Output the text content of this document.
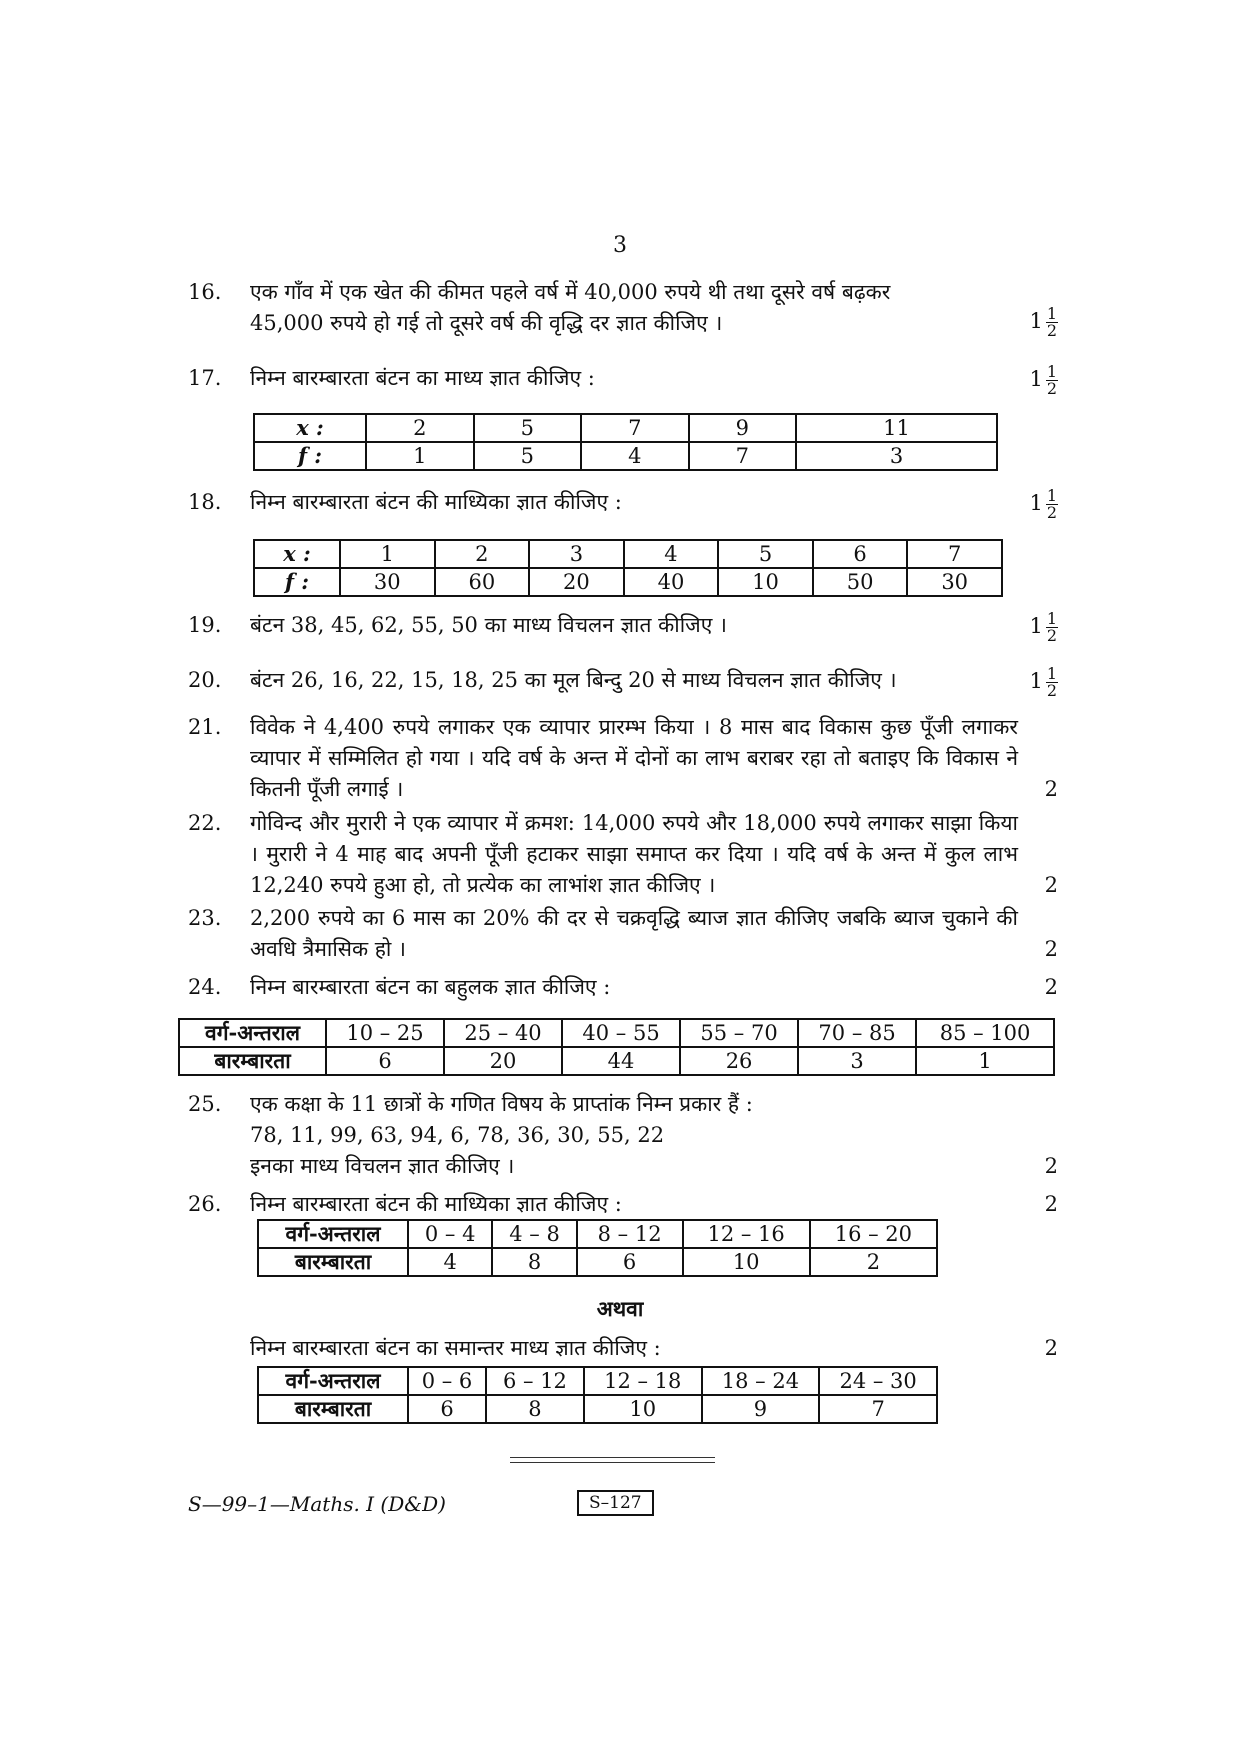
3
16.	एक गाँव में एक खेत की कीमत पहले वर्ष में 40,000 रुपये थी तथा दूसरे वर्ष बढ़कर
45,000 रुपये हो गई तो दूसरे वर्ष की वृद्धि दर ज्ञात कीजिए ।	$1 \frac{1}{2}$
17.	निम्न बारम्बारता बंटन का माध्य ज्ञात कीजिए :	$1 \frac{1}{2}$
x :	2	5	7	9	11
f :	1	5	4	7	3
18.	निम्न बारम्बारता बंटन की माध्यिका ज्ञात कीजिए :	$1 \frac{1}{2}$
x :	1	2	3	4	5	6	7
f :	30	60	20	40	10	50	30
19.	बंटन 38, 45, 62, 55, 50 का माध्य विचलन ज्ञात कीजिए ।	$1 \frac{1}{2}$
20.	बंटन 26, 16, 22, 15, 18, 25 का मूल बिन्दु 20 से माध्य विचलन ज्ञात कीजिए ।	$1 \frac{1}{2}$
21.	विवेक ने 4,400 रुपये लगाकर एक व्यापार प्रारम्भ किया । 8 मास बाद विकास कुछ पूँजी लगाकर व्यापार में सम्मिलित हो गया । यदि वर्ष के अन्त में दोनों का लाभ बराबर रहा तो बताइए कि विकास ने कितनी पूँजी लगाई ।	2
22.	गोविन्द और मुरारी ने एक व्यापार में क्रमश: 14,000 रुपये और 18,000 रुपये लगाकर साझा किया । मुरारी ने 4 माह बाद अपनी पूँजी हटाकर साझा समाप्त कर दिया । यदि वर्ष के अन्त में कुल लाभ 12,240 रुपये हुआ हो, तो प्रत्येक का लाभांश ज्ञात कीजिए ।	2
23.	2,200 रुपये का 6 मास का 20% की दर से चक्रवृद्धि ब्याज ज्ञात कीजिए जबकि ब्याज चुकाने की अवधि त्रैमासिक हो ।	2
24.	निम्न बारम्बारता बंटन का बहुलक ज्ञात कीजिए :	2
वर्ग-अन्तराल	10 – 25	25 – 40	40 – 55	55 – 70	70 – 85	85 – 100
बारम्बारता	6	20	44	26	3	1
25.	एक कक्षा के 11 छात्रों के गणित विषय के प्राप्तांक निम्न प्रकार हैं :
78, 11, 99, 63, 94, 6, 78, 36, 30, 55, 22
इनका माध्य विचलन ज्ञात कीजिए ।	2
26.	निम्न बारम्बारता बंटन की माध्यिका ज्ञात कीजिए :	2
वर्ग-अन्तराल	0 – 4	4 – 8	8 – 12	12 – 16	16 – 20
बारम्बारता	4	8	6	10	2
अथवा
निम्न बारम्बारता बंटन का समान्तर माध्य ज्ञात कीजिए :	2
वर्ग-अन्तराल	0 – 6	6 – 12	12 – 18	18 – 24	24 – 30
बारम्बारता	6	8	10	9	7
S—99–1—Maths. I (D&D)	S–127
